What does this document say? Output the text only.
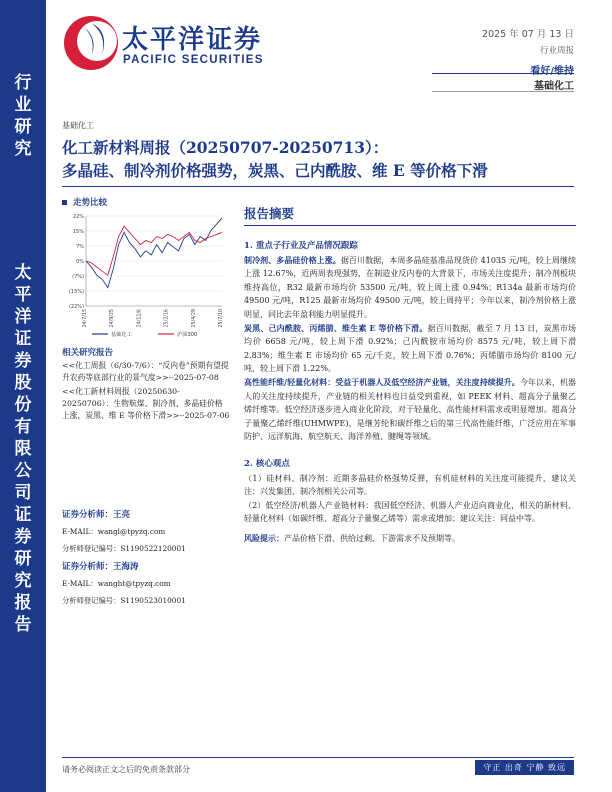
行业研究
太平洋证券股份有限公司证券研究报告
太平洋证券
PACIFIC SECURITIES
2025 年 07 月 13 日
行业周报
看好/维持
基础化工
基础化工
化工新材料周报（20250707-20250713）：
多晶硅、制冷剂价格强势，炭黑、己内酰胺、维 E 等价格下滑
走势比较
22%
15%
7%
0%
(7%)
(15%)
(22%)
24/7/15	24/9/25	24/12/6	25/2/16	25/4/29	25/7/10
基础化工	沪深300
相关研究报告
<<化工周报（6/30-7/6）：“反内卷”预期有望提升农药等底部行业的景气度>>--2025-07-08
<<化工新材料周报（20250630-20250706）：生物航煤、制冷剂、多晶硅价格上涨，炭黑、维 E 等价格下滑>>--2025-07-06
证券分析师：王亮
E-MAIL：wangl@tpyzq.com
分析师登记编号：S1190522120001
证券分析师：王海涛
E-MAIL：wanght@tpyzq.com
分析师登记编号：S1190523010001
报告摘要
1. 重点子行业及产品情况跟踪

制冷剂、多晶硅价格上涨。据百川数据，本周多晶硅基准品现货价 41035 元/吨，较上周继续上涨 12.67%，近两周表现强势，在制造业反内卷的大背景下，市场关注度提升；制冷剂板块维持高位，R32 最新市场均价 53500 元/吨，较上周上涨 0.94%；R134a 最新市场均价 49500 元/吨，R125 最新市场均价 49500 元/吨，较上周持平；今年以来，制冷剂价格上涨明显，同比去年盈利能力明显提升。

炭黑、己内酰胺、丙烯腈、维生素 E 等价格下滑。据百川数据，截至 7 月 13 日，炭黑市场均价 6658 元/吨，较上周下滑 0.92%；己内酰胺市场均价 8575 元/吨，较上周下滑 2.83%；维生素 E 市场均价 65 元/千克，较上周下滑 0.76%；丙烯腈市场均价 8100 元/吨，较上周下滑 1.22%。

高性能纤维/轻量化材料：受益于机器人及低空经济产业链，关注度持续提升。今年以来，机器人的关注度持续提升，产业链的相关材料也日益受到重视，如 PEEK 材料、超高分子量聚乙烯纤维等。低空经济逐步进入商业化阶段，对于轻量化、高性能材料需求或明显增加。超高分子量聚乙烯纤维(UHMWPE)，是继芳纶和碳纤维之后的第三代高性能纤维，广泛应用在军事防护、远洋航海、航空航天、海洋养殖、腱绳等领域。

2. 核心观点

（1）硅材料、制冷剂：近期多晶硅价格强势反弹，有机硅材料的关注度可能提升，建议关注：兴发集团、制冷剂相关公司等。

（2）低空经济/机器人产业链材料：我国低空经济、机器人产业迈向商业化，相关的新材料、轻量化材料（如碳纤维、超高分子量聚乙烯等）需求或增加；建议关注：同益中等。

风险提示：产品价格下滑、供给过剩、下游需求不及预期等。

请务必阅读正文之后的免责条款部分	守正 出奇 宁静 致远
